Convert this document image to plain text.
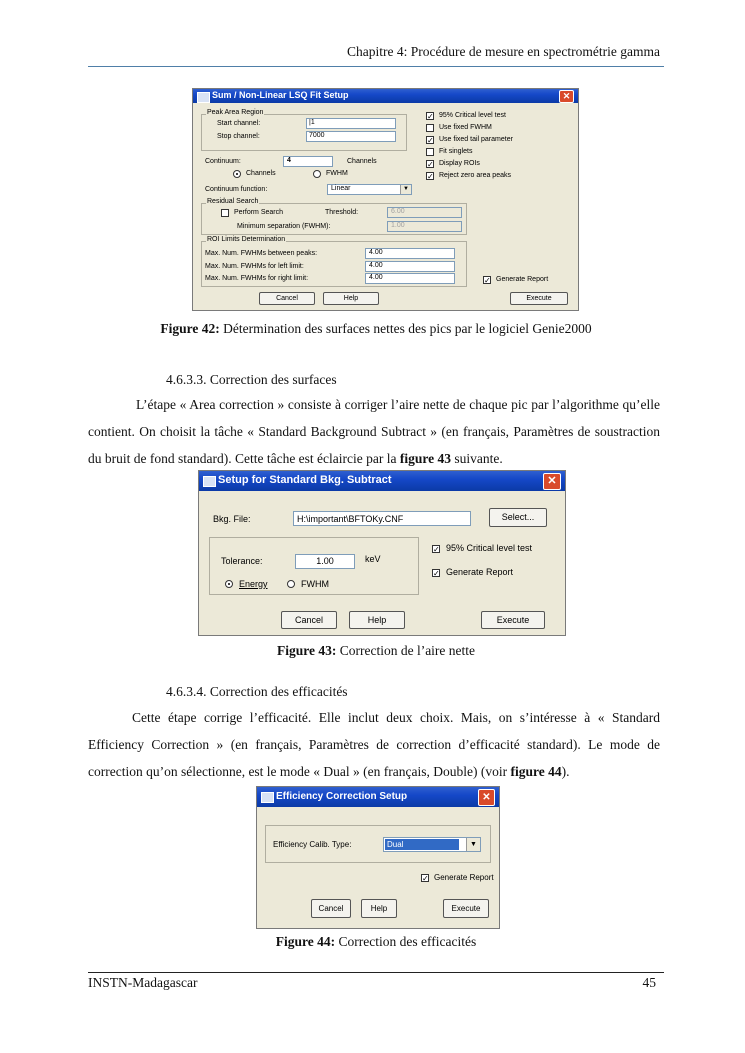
Chapitre 4: Procédure de mesure en spectrométrie gamma
Sum / Non-Linear LSQ Fit Setup	✕
Peak Area Region
Start channel:	|1
Stop channel:	7000
Continuum:	4	Channels
Channels	FWHM
Continuum function:	Linear	▼
Residual Search
Perform Search	Threshold:	6.00
Minimum separation (FWHM):	1.00
ROI Limits Determination
Max. Num. FWHMs between peaks:	4.00
Max. Num. FWHMs for left limit:	4.00
Max. Num. FWHMs for right limit:	4.00
✓ 95% Critical level test
Use fixed FWHM
✓ Use fixed tail parameter
Fit singlets
✓ Display ROIs
✓ Reject zero area peaks
✓ Generate Report
Cancel	Help	Execute
Figure 42: Détermination des surfaces nettes des pics par le logiciel Genie2000
4.6.3.3. Correction des surfaces
L’étape « Area correction » consiste à corriger l’aire nette de chaque pic par l’algorithme qu’elle contient. On choisit la tâche « Standard Background Subtract » (en français, Paramètres de soustraction du bruit de fond standard). Cette tâche est éclaircie par la figure 43 suivante.
Setup for Standard Bkg. Subtract	✕
Bkg. File:	H:\important\BFTOKy.CNF	Select...
Tolerance:	1.00	keV
Energy	FWHM
✓ 95% Critical level test
✓ Generate Report
Cancel	Help	Execute
Figure 43: Correction de l’aire nette
4.6.3.4. Correction des efficacités
Cette étape corrige l’efficacité. Elle inclut deux choix. Mais, on s’intéresse à « Standard Efficiency Correction » (en français, Paramètres de correction d’efficacité standard). Le mode de correction qu’on sélectionne, est le mode « Dual » (en français, Double) (voir figure 44).
Efficiency Correction Setup	✕
Efficiency Calib. Type:	Dual	▼
✓ Generate Report
Cancel	Help	Execute
Figure 44: Correction des efficacités
INSTN-Madagascar	45
